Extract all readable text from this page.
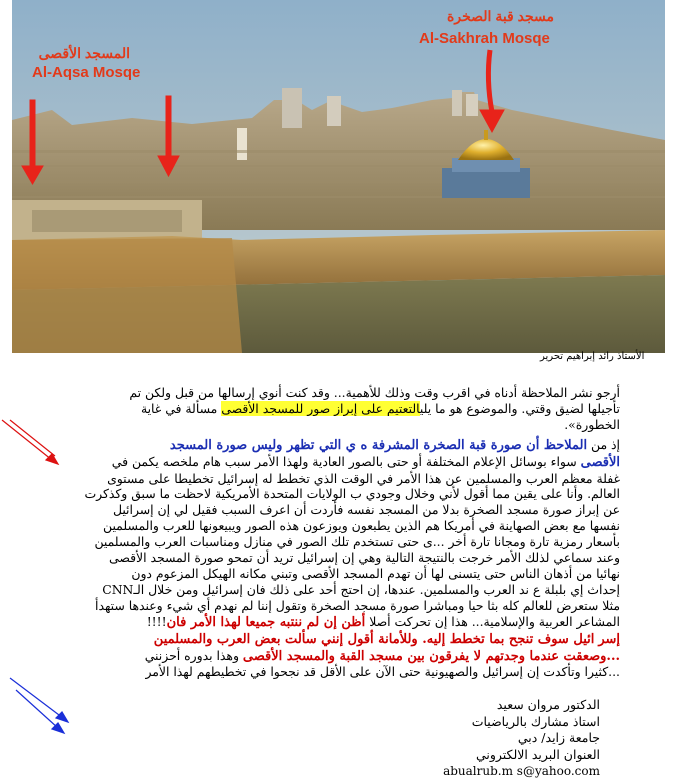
المسجد الأقصى
Al-Aqsa Mosqe
مسجد قبة الصخرة
Al-Sakhrah Mosqe
الأستاذ رائد إبراهيم تحرير

أرجو نشر الملاحظة أدناه في اقرب وقت وذلك للأهمية... وقد كنت أنوي إرسالها من قبل ولكن تم

تأجيلها لضيق وقتي. والموضوع هو ما يليالتعتيم على إبراز صور للمسجد الأقصى مسألة في غاية

الخطورة».

إذ من الملاحظ أن صورة قبة الصخرة المشرفة ه ي التي تظهر وليس صورة المسجد

الأقصى سواء بوسائل الإعلام المختلفة أو حتى بالصور العادية ولهذا الأمر سبب هام ملخصه يكمن في

غفلة معظم العرب والمسلمين عن هذا الأمر في الوقت الذي تخطط له إسرائيل تخطيطا على مستوى

العالم. وأنا على يقين مما أقول لأني وخلال وجودي ب الولايات المتحدة الأمريكية لاحظت ما سبق وكذكرت

عن إبراز صورة مسجد الصخرة بدلا من المسجد نفسه فأردت أن اعرف السبب فقيل لي إن إسرائيل

نفسها مع بعض الصهاينة في أمريكا هم الذين يطبعون ويوزعون هذه الصور ويبيعونها للعرب والمسلمين

بأسعار رمزية تارة ومجانا تارة أخر ...ى حتى تستخدم تلك الصور في منازل ومناسبات العرب والمسلمين

وعند سماعي لذلك الأمر خرجت بالنتيجة التالية وهي إن إسرائيل تريد أن تمحو صورة المسجد الأقصى

نهائيا من أذهان الناس حتى يتسنى لها أن تهدم المسجد الأقصى وتبني مكانه الهيكل المزعوم دون

إحداث إي بلبلة ع ند العرب والمسلمين. عندها، إن احتج أحد على ذلك فان إسرائيل ومن خلال الـCNN

مثلا ستعرض للعالم كله بثا حيا ومباشرا صورة مسجد الصخرة وتقول إننا لم نهدم أي شيء وعندها ستهدأ

المشاعر العربية والإسلامية... هذا إن تحركت أصلا أظن إن لم ننتبه جميعا لهذا الأمر فان!!!!

إسر ائيل سوف تنجح بما تخطط إليه. وللأمانة أقول إنني سألت بعض العرب والمسلمين

...وصعقت عندما وجدتهم لا يفرقون بين مسجد القبة والمسجد الأقصى وهذا بدوره أحزنني

...كثيرا وتأكدت إن إسرائيل والصهيونية حتى الآن على الأقل قد نجحوا في تخطيطهم لهذا الأمر

الدكتور مروان سعيد
استاذ مشارك بالرياضيات
جامعة زايد/ دبي
العنوان البريد الالكتروني
abualrub.m s@yahoo.com
